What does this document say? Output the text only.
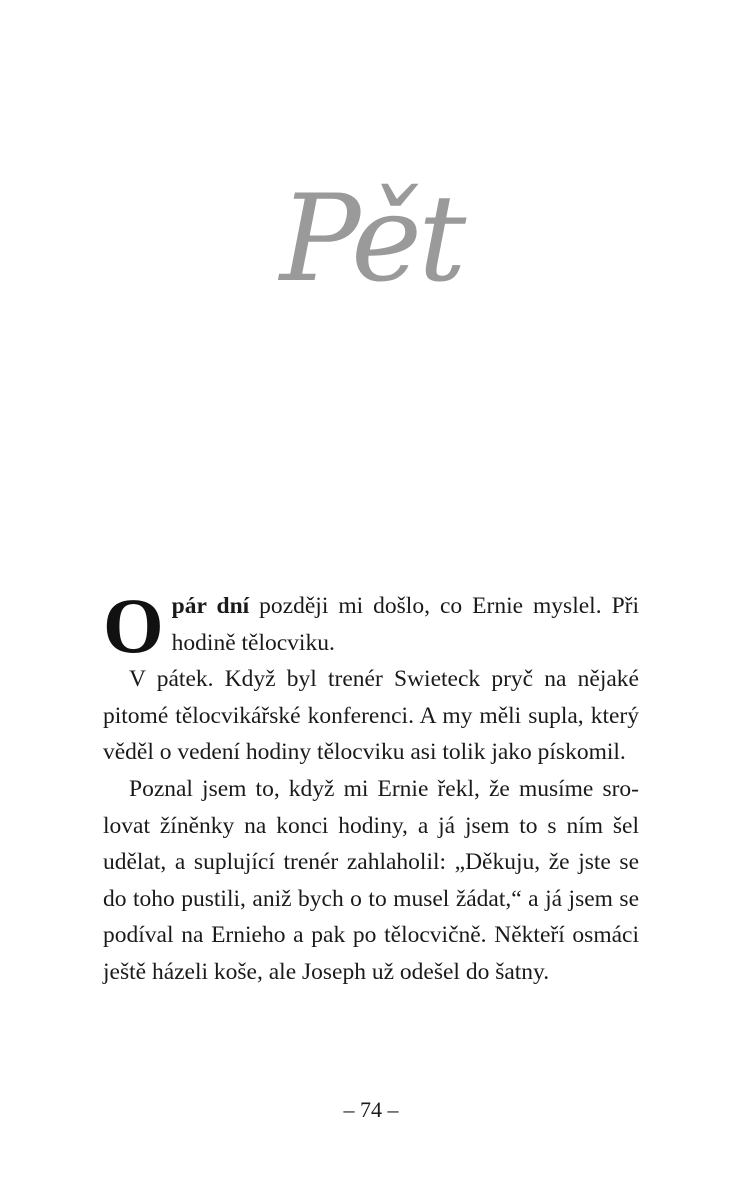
Pět

Opár dní později mi došlo, co Ernie myslel. Při hodině tělocviku.

V pátek. Když byl trenér Swieteck pryč na nějaké pitomé tělocvikářské konferenci. A my měli supla, který věděl o vedení hodiny tělocviku asi tolik jako pískomil.

Poznal jsem to, když mi Ernie řekl, že musíme srolovat žíněnky na konci hodiny, a já jsem to s ním šel udělat, a suplující trenér zahlaholil: „Děkuju, že jste se do toho pustili, aniž bych o to musel žádat,“ a já jsem se podíval na Ernieho a pak po tělocvičně. Někteří osmáci ještě házeli koše, ale Joseph už odešel do šatny.

– 74 –
